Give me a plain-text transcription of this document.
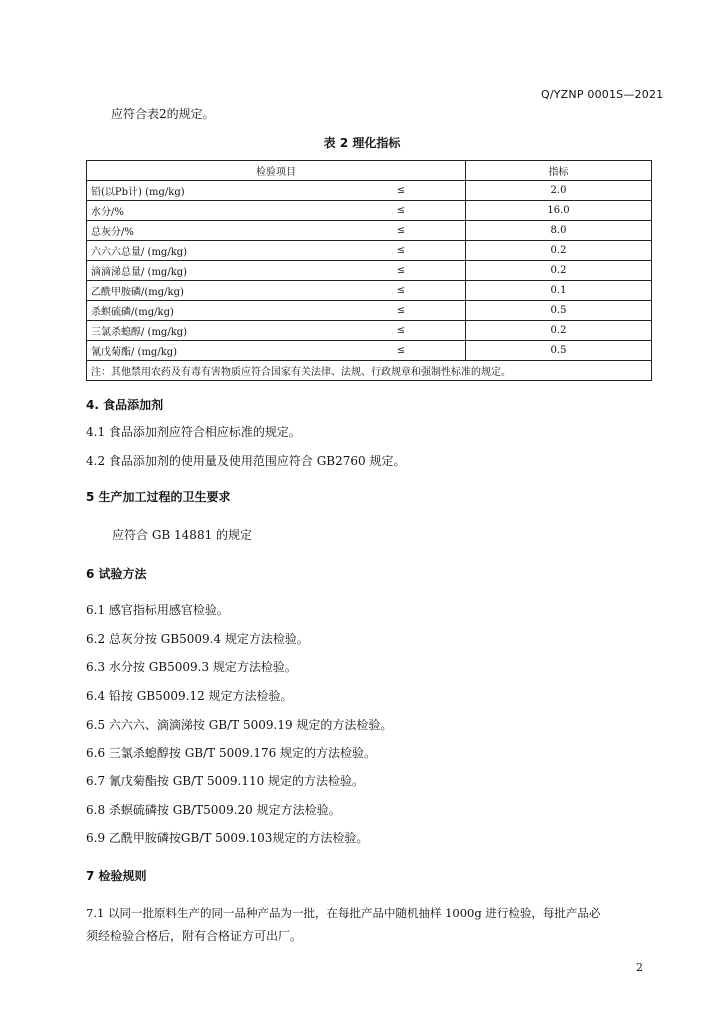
Q/YZNP 0001S—2021
应符合表2的规定。
表 2 理化指标
检验项目		指标
铅(以Pb计) (mg/kg)	≤	2.0
水分/%	≤	16.0
总灰分/%	≤	8.0
六六六总量/ (mg/kg)	≤	0.2
滴滴涕总量/ (mg/kg)	≤	0.2
乙酰甲胺磷/(mg/kg)	≤	0.1
杀螟硫磷/(mg/kg)	≤	0.5
三氯杀螅醇/ (mg/kg)	≤	0.2
氰戊菊酯/ (mg/kg)	≤	0.5
注：其他禁用农药及有毒有害物质应符合国家有关法律、法规、行政规章和强制性标准的规定。		
4. 食品添加剂
4.1 食品添加剂应符合相应标准的规定。
4.2 食品添加剂的使用量及使用范围应符合 GB2760 规定。
5 生产加工过程的卫生要求
应符合 GB 14881 的规定
6 试验方法
6.1 感官指标用感官检验。
6.2 总灰分按 GB5009.4 规定方法检验。
6.3 水分按 GB5009.3 规定方法检验。
6.4 铅按 GB5009.12 规定方法检验。
6.5 六六六、滴滴涕按 GB/T 5009.19 规定的方法检验。
6.6 三氯杀螅醇按 GB/T 5009.176 规定的方法检验。
6.7 氰戊菊酯按 GB/T 5009.110 规定的方法检验。
6.8 杀螟硫磷按 GB/T5009.20 规定方法检验。
6.9 乙酰甲胺磷按GB/T 5009.103规定的方法检验。
7 检验规则
7.1 以同一批原料生产的同一品种产品为一批，在每批产品中随机抽样 1000g 进行检验，每批产品必
须经检验合格后，附有合格证方可出厂。
2
